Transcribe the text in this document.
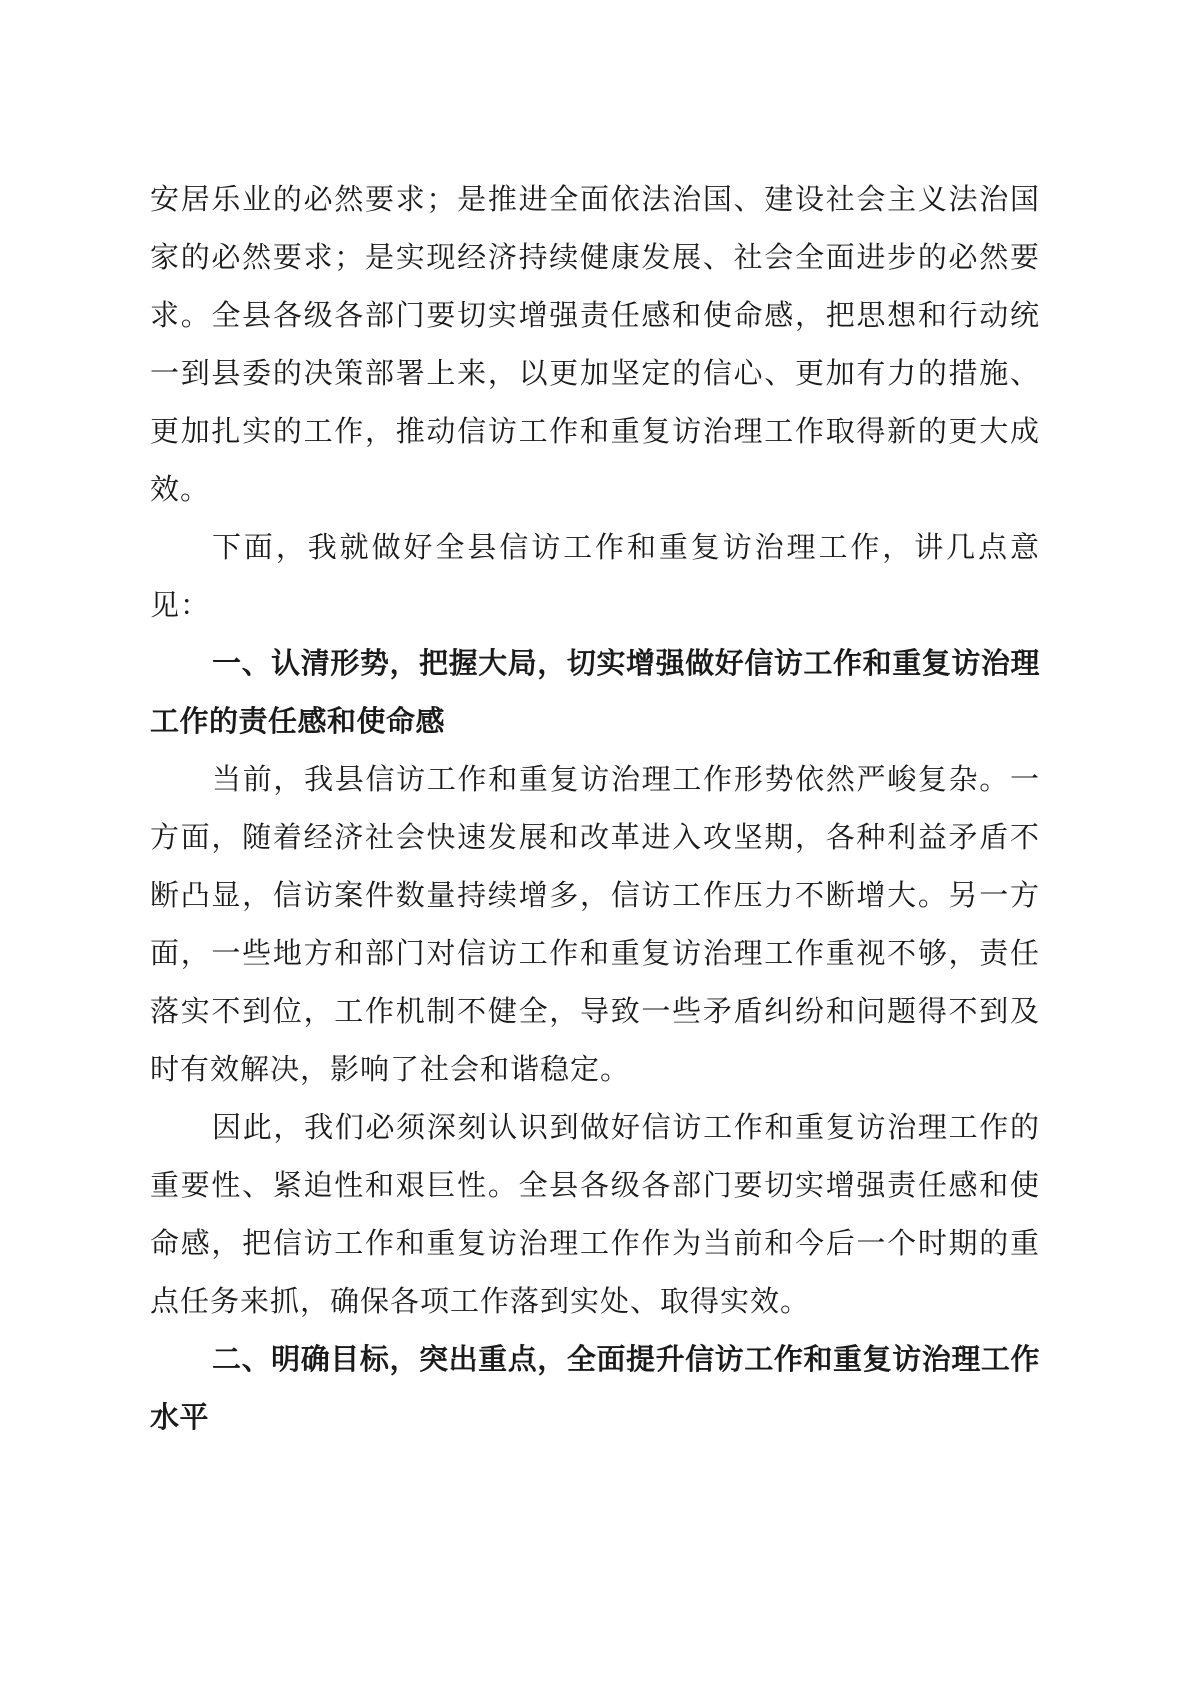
安居乐业的必然要求；是推进全面依法治国、建设社会主义法治国家的必然要求；是实现经济持续健康发展、社会全面进步的必然要求。全县各级各部门要切实增强责任感和使命感，把思想和行动统一到县委的决策部署上来，以更加坚定的信心、更加有力的措施、更加扎实的工作，推动信访工作和重复访治理工作取得新的更大成效。

下面，我就做好全县信访工作和重复访治理工作，讲几点意见：

一、认清形势，把握大局，切实增强做好信访工作和重复访治理工作的责任感和使命感

当前，我县信访工作和重复访治理工作形势依然严峻复杂。一方面，随着经济社会快速发展和改革进入攻坚期，各种利益矛盾不断凸显，信访案件数量持续增多，信访工作压力不断增大。另一方面，一些地方和部门对信访工作和重复访治理工作重视不够，责任落实不到位，工作机制不健全，导致一些矛盾纠纷和问题得不到及时有效解决，影响了社会和谐稳定。

因此，我们必须深刻认识到做好信访工作和重复访治理工作的重要性、紧迫性和艰巨性。全县各级各部门要切实增强责任感和使命感，把信访工作和重复访治理工作作为当前和今后一个时期的重点任务来抓，确保各项工作落到实处、取得实效。

二、明确目标，突出重点，全面提升信访工作和重复访治理工作水平
